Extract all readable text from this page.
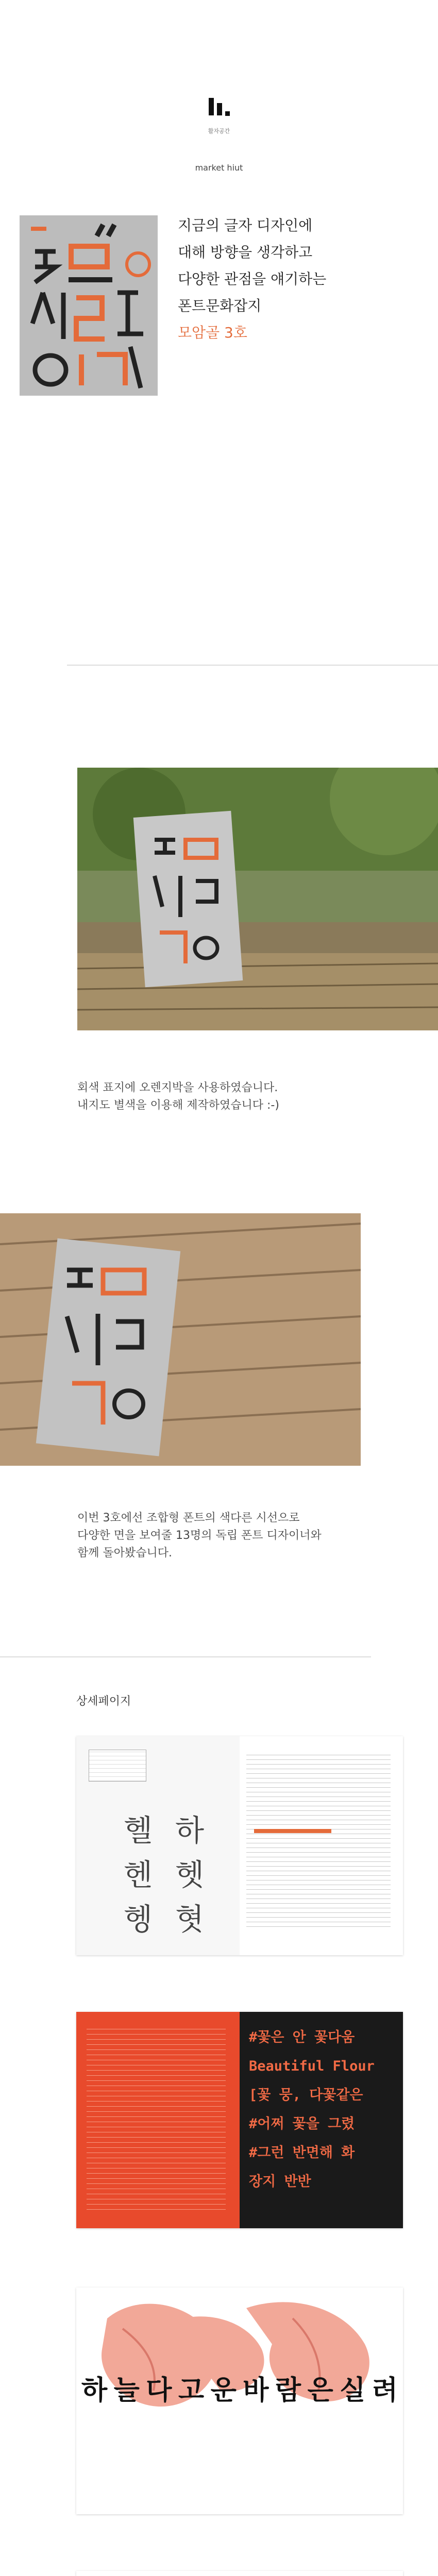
활자공간
market hiut
지금의 글자 디자인에
대해 방향을 생각하고
다양한 관점을 얘기하는
폰트문화잡지
모암골 3호
회색 표지에 오렌지박을 사용하였습니다.
내지도 별색을 이용해 제작하였습니다 :-)
이번 3호에선 조합형 폰트의 색다른 시선으로
다양한 면을 보여줄 13명의 독립 폰트 디자이너와
함께 돌아봤습니다.
상세페이지
헬 하
헨 헷
헹 혓
#꽃은 안 꽃다움
Beautiful Flour
[꽃 뭉, 다꽃같은
#어쩌 꽃을 그렸
#그런 반면해 화
장지 반반
하 늘 다 고 운 바 람 은 실 려
